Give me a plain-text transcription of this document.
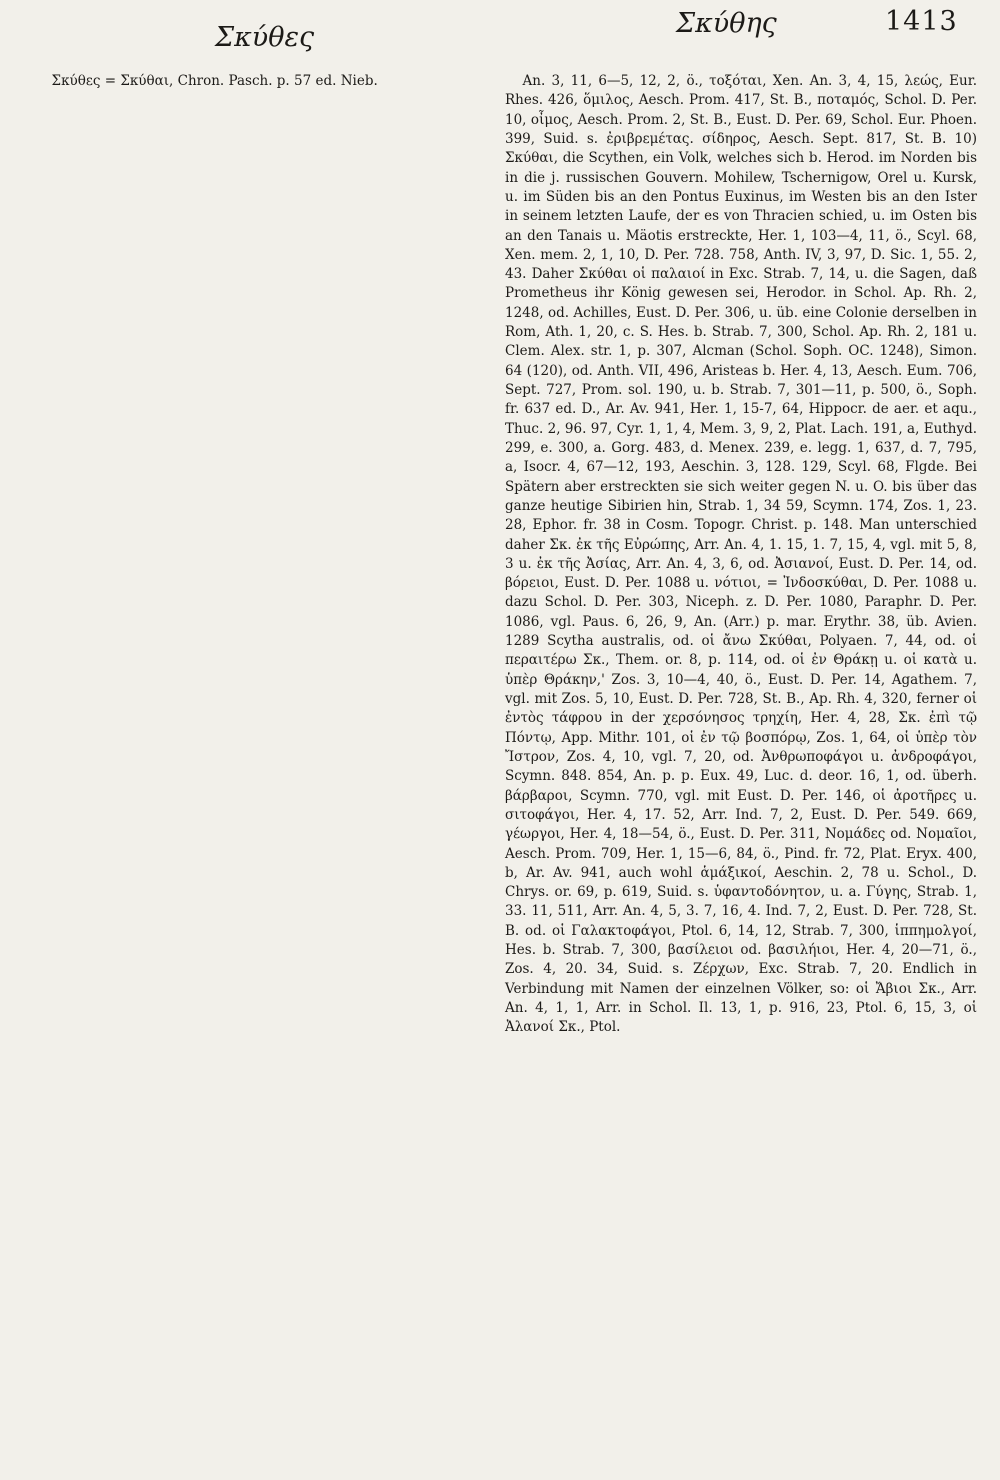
Σκύθες	Σκύθης	1413

Σκύθες = Σκύθαι, Chron. Pasch. p. 57 ed. Nieb.	An. 3, 11, 6—5, 12, 2, ö., τοξόται, Xen. An. 3, 4, 15, λεώς, Eur. Rhes. 426, ὅμιλος, Aesch. Prom. 417, St. B., ποταμός, Schol. D. Per. 10, οἶμος, Aesch. Prom. 2, St. B., Eust. D. Per. 69, Schol. Eur. Phoen. 399, Suid. s. ἐριβρεμέτας. σίδηρος, Aesch. Sept. 817, St. B. 10) Σκύθαι, die Scythen, ein Volk, welches sich b. Herod. im Norden bis in die j. russischen Gouvern. Mohilew, Tschernigow, Orel u. Kursk, u. im Süden bis an den Pontus Euxinus, im Westen bis an den Ister in seinem letzten Laufe, der es von Thracien schied, u. im Osten bis an den Tanais u. Mäotis erstreckte, Her. 1, 103—4, 11, ö., Scyl. 68, Xen. mem. 2, 1, 10, D. Per. 728. 758, Anth. IV, 3, 97, D. Sic. 1, 55. 2, 43. Daher Σκύθαι οἱ παλαιοί in Exc. Strab. 7, 14, u. die Sagen, daß Prometheus ihr König gewesen sei, Herodor. in Schol. Ap. Rh. 2, 1248, od. Achilles, Eust. D. Per. 306, u. üb. eine Colonie derselben in Rom, Ath. 1, 20, c. S. Hes. b. Strab. 7, 300, Schol. Ap. Rh. 2, 181 u. Clem. Alex. str. 1, p. 307, Alcman (Schol. Soph. OC. 1248), Simon. 64 (120), od. Anth. VII, 496, Aristeas b. Her. 4, 13, Aesch. Eum. 706, Sept. 727, Prom. sol. 190, u. b. Strab. 7, 301—11, p. 500, ö., Soph. fr. 637 ed. D., Ar. Av. 941, Her. 1, 15-7, 64, Hippocr. de aer. et aqu., Thuc. 2, 96. 97, Cyr. 1, 1, 4, Mem. 3, 9, 2, Plat. Lach. 191, a, Euthyd. 299, e. 300, a. Gorg. 483, d. Menex. 239, e. legg. 1, 637, d. 7, 795, a, Isocr. 4, 67—12, 193, Aeschin. 3, 128. 129, Scyl. 68, Flgde. Bei Spätern aber erstreckten sie sich weiter gegen N. u. O. bis über das ganze heutige Sibirien hin, Strab. 1, 34 59, Scymn. 174, Zos. 1, 23. 28, Ephor. fr. 38 in Cosm. Topogr. Christ. p. 148. Man unterschied daher Σκ. ἐκ τῆς Εὐρώπης, Arr. An. 4, 1. 15, 1. 7, 15, 4, vgl. mit 5, 8, 3 u. ἐκ τῆς Ἀσίας, Arr. An. 4, 3, 6, od. Ἀσιανοί, Eust. D. Per. 14, od. βόρειοι, Eust. D. Per. 1088 u. νότιοι, = Ἰνδοσκύθαι, D. Per. 1088 u. dazu Schol. D. Per. 303, Niceph. z. D. Per. 1080, Paraphr. D. Per. 1086, vgl. Paus. 6, 26, 9, An. (Arr.) p. mar. Erythr. 38, üb. Avien. 1289 Scytha australis, od. οἱ ἄνω Σκύθαι, Polyaen. 7, 44, od. οἱ περαιτέρω Σκ., Them. or. 8, p. 114, od. οἱ ἐν Θράκῃ u. οἱ κατὰ u. ὑπὲρ Θράκην,' Zos. 3, 10—4, 40, ö., Eust. D. Per. 14, Agathem. 7, vgl. mit Zos. 5, 10, Eust. D. Per. 728, St. B., Ap. Rh. 4, 320, ferner οἱ ἐντὸς τάφρου in der χερσόνησος τρηχίη, Her. 4, 28, Σκ. ἐπὶ τῷ Πόντῳ, App. Mithr. 101, οἱ ἐν τῷ βοσπόρῳ, Zos. 1, 64, οἱ ὑπὲρ τὸν Ἴστρον, Zos. 4, 10, vgl. 7, 20, od. Ἀνθρωποφάγοι u. ἀνδροφάγοι, Scymn. 848. 854, An. p. p. Eux. 49, Luc. d. deor. 16, 1, od. überh. βάρβαροι, Scymn. 770, vgl. mit Eust. D. Per. 146, οἱ ἀροτῆρες u. σιτοφάγοι, Her. 4, 17. 52, Arr. Ind. 7, 2, Eust. D. Per. 549. 669, γέωργοι, Her. 4, 18—54, ö., Eust. D. Per. 311, Νομάδες od. Νομαῖοι, Aesch. Prom. 709, Her. 1, 15—6, 84, ö., Pind. fr. 72, Plat. Eryx. 400, b, Ar. Av. 941, auch wohl ἁμάξικοί, Aeschin. 2, 78 u. Schol., D. Chrys. or. 69, p. 619, Suid. s. ὑφαντοδόνητον, u. a. Γύγης, Strab. 1, 33. 11, 511, Arr. An. 4, 5, 3. 7, 16, 4. Ind. 7, 2, Eust. D. Per. 728, St. B. od. οἱ Γαλακτοφάγοι, Ptol. 6, 14, 12, Strab. 7, 300, ἱππημολγοί, Hes. b. Strab. 7, 300, βασίλειοι od. βασιλήιοι, Her. 4, 20—71, ö., Zos. 4, 20. 34, Suid. s. Ζέρχων, Exc. Strab. 7, 20. Endlich in Verbindung mit Namen der einzelnen Völker, so: οἱ Ἄβιοι Σκ., Arr. An. 4, 1, 1, Arr. in Schol. Il. 13, 1, p. 916, 23, Ptol. 6, 15, 3, οἱ Ἀλανοί Σκ., Ptol.
